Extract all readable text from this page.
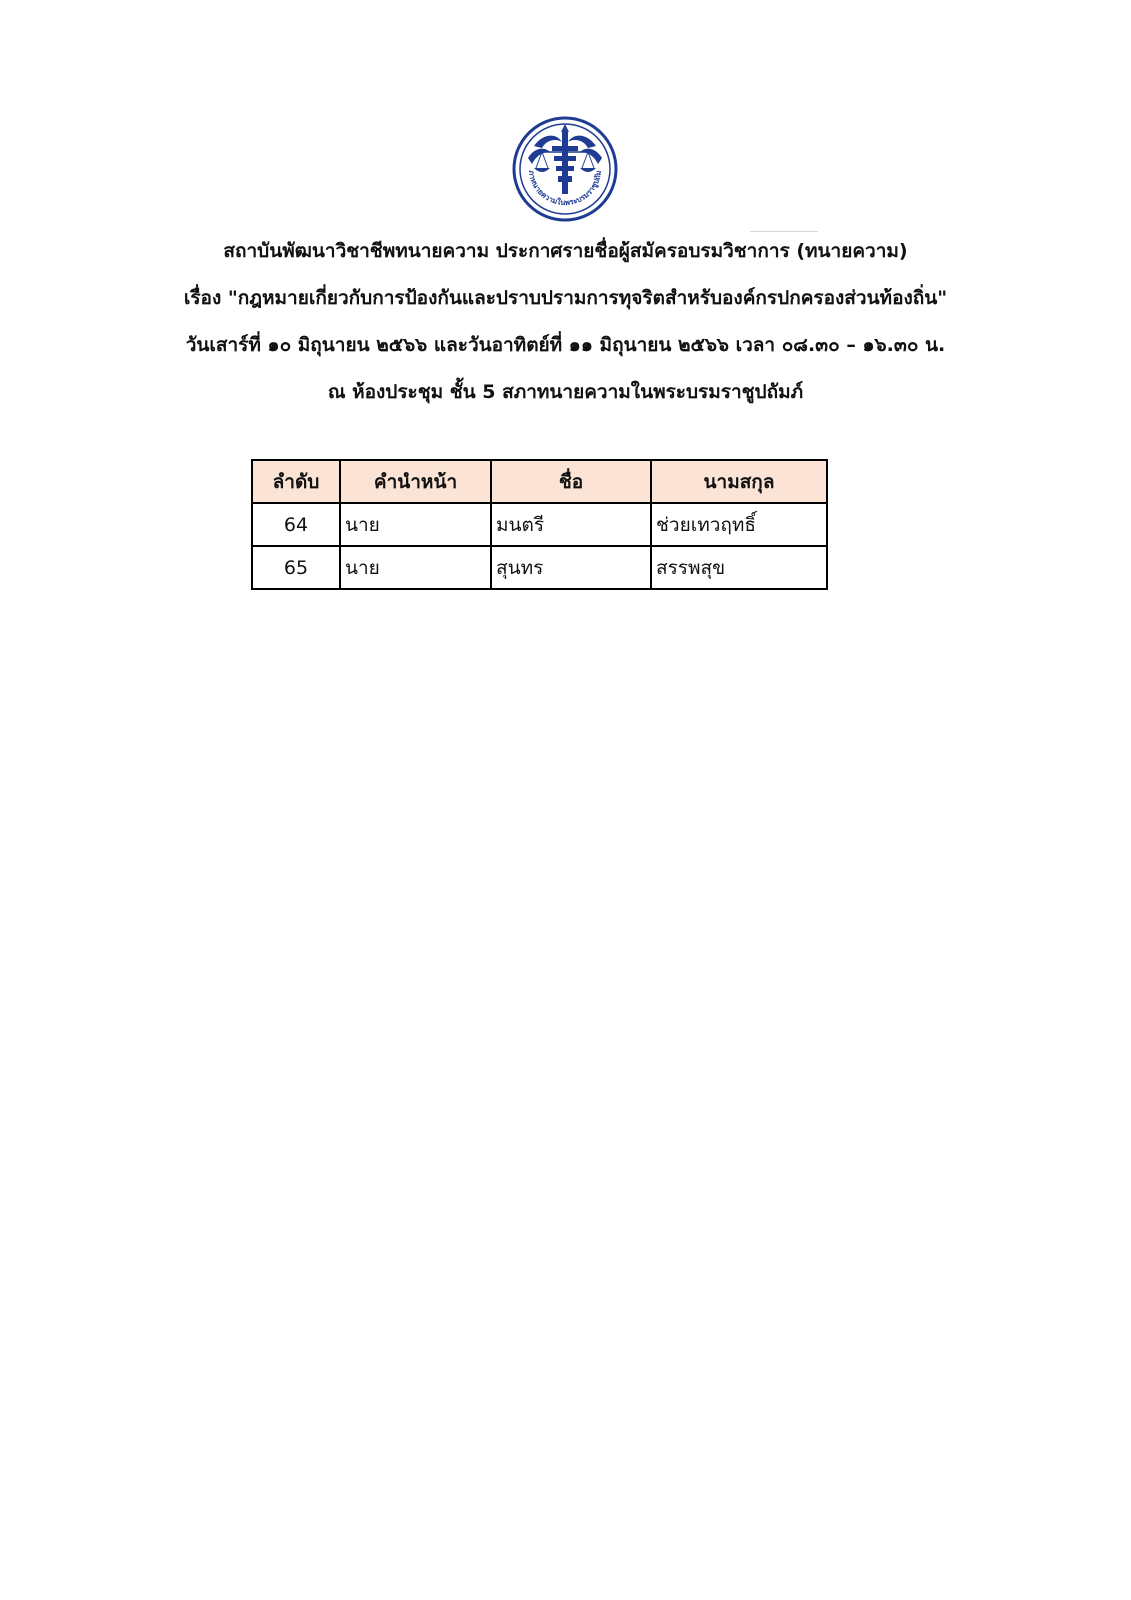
ภาทนายความในพระบรมราชูปถัม
สถาบันพัฒนาวิชาชีพทนายความ ประกาศรายชื่อผู้สมัครอบรมวิชาการ (ทนายความ)
เรื่อง "กฎหมายเกี่ยวกับการป้องกันและปราบปรามการทุจริตสำหรับองค์กรปกครองส่วนท้องถิ่น"
วันเสาร์ที่ ๑๐ มิถุนายน ๒๕๖๖ และวันอาทิตย์ที่ ๑๑ มิถุนายน ๒๕๖๖ เวลา ๐๘.๓๐ – ๑๖.๓๐ น.
ณ ห้องประชุม ชั้น 5 สภาทนายความในพระบรมราชูปถัมภ์
ลำดับ	คำนำหน้า	ชื่อ	นามสกุล
64	นาย	มนตรี	ช่วยเทวฤทธิ์
65	นาย	สุนทร	สรรพสุข
